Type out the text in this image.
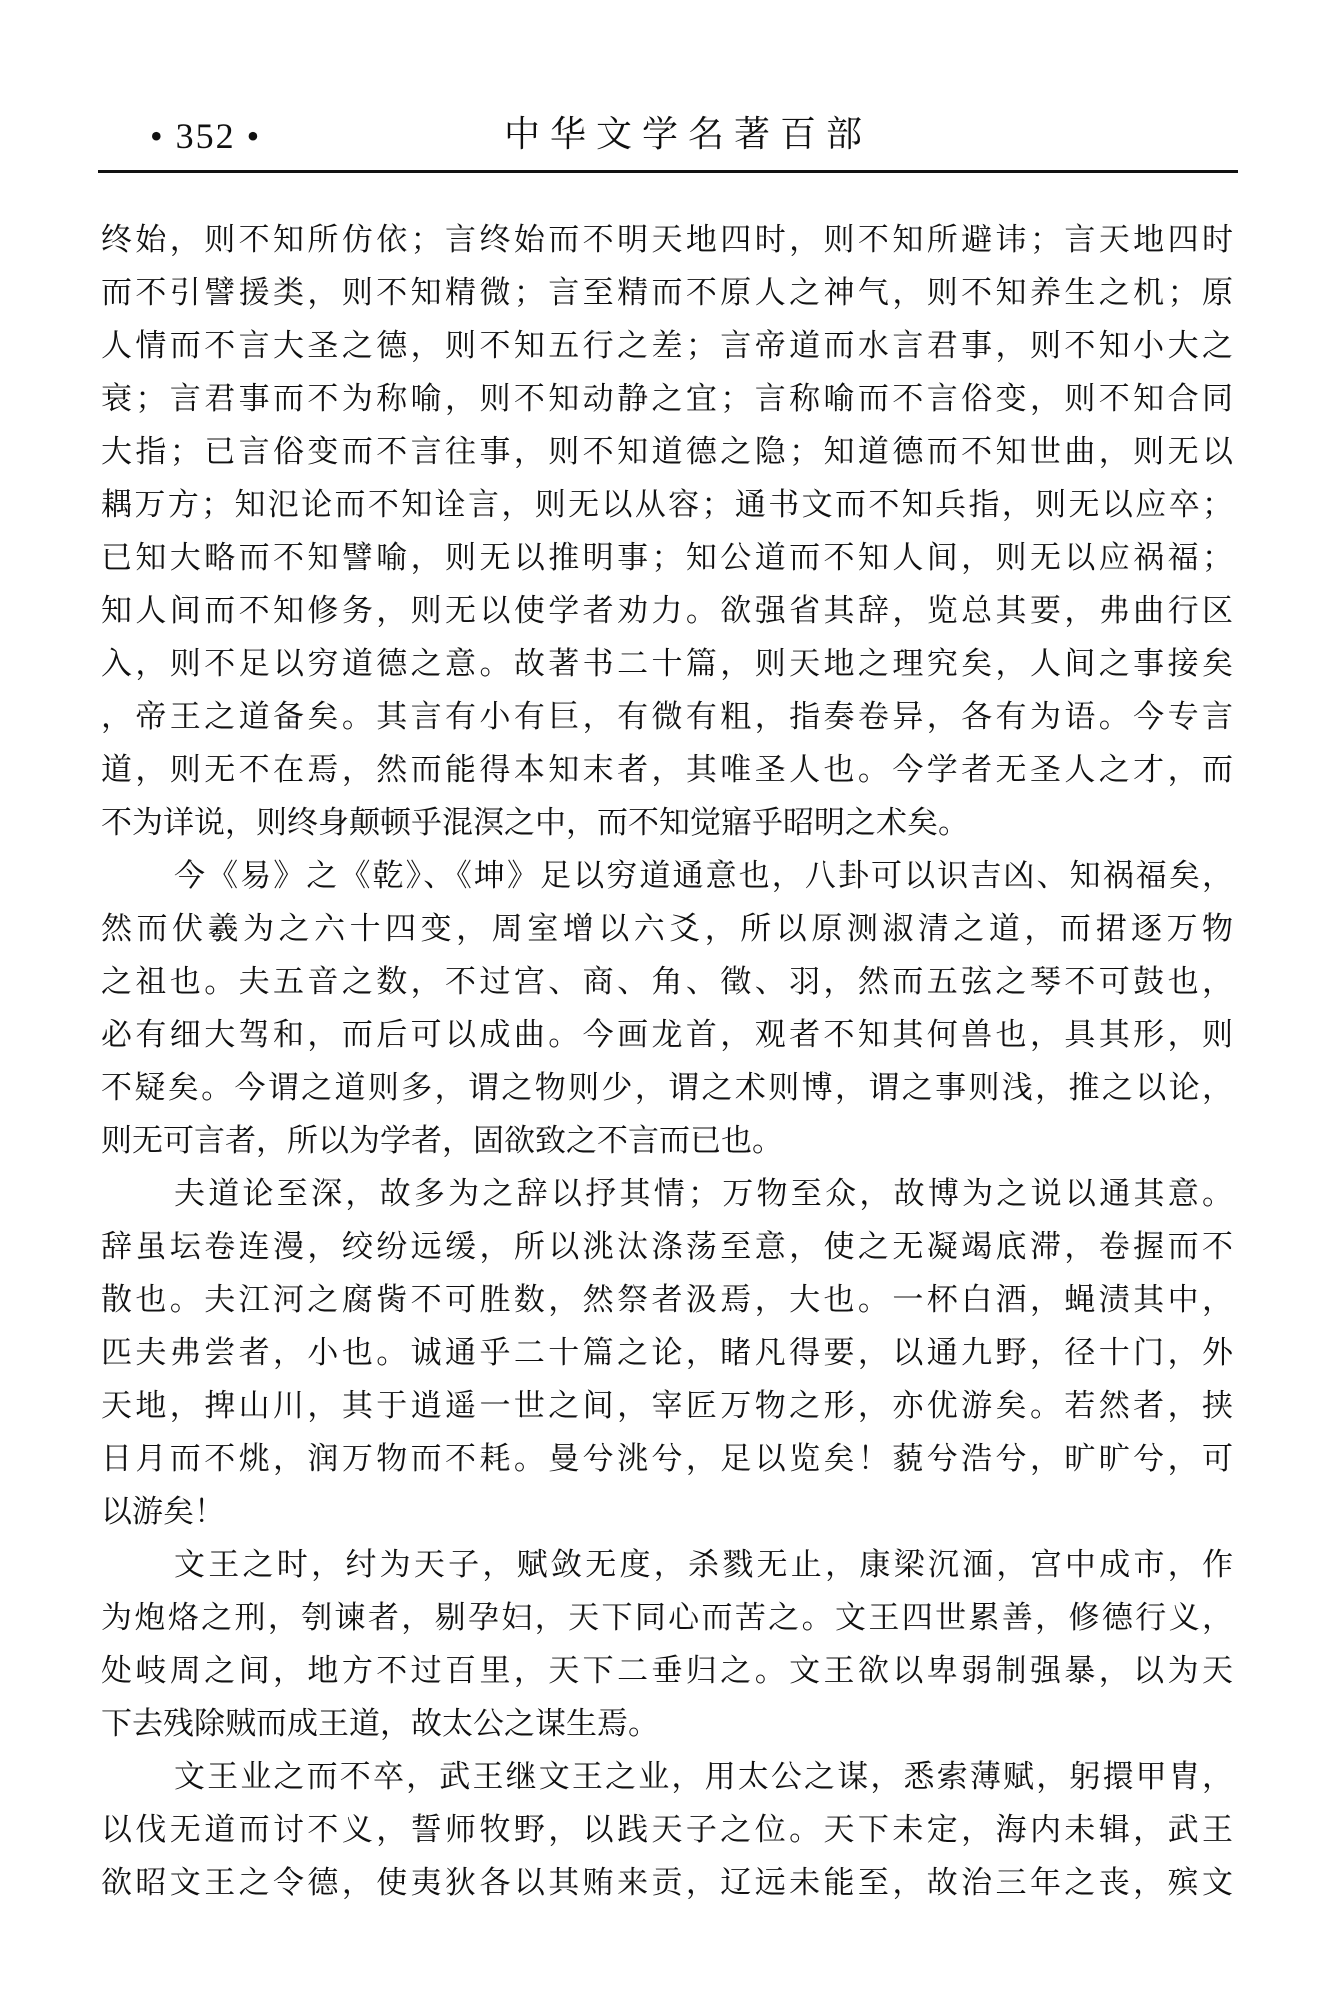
• 352 •	中华文学名著百部
终始，则不知所仿依；言终始而不明天地四时，则不知所避讳；言天地四时
而不引譬援类，则不知精微；言至精而不原人之神气，则不知养生之机；原
人情而不言大圣之德，则不知五行之差；言帝道而水言君事，则不知小大之
衰；言君事而不为称喻，则不知动静之宜；言称喻而不言俗变，则不知合同
大指；已言俗变而不言往事，则不知道德之隐；知道德而不知世曲，则无以
耦万方；知氾论而不知诠言，则无以从容；通书文而不知兵指，则无以应卒；
已知大略而不知譬喻，则无以推明事；知公道而不知人间，则无以应祸福；
知人间而不知修务，则无以使学者劝力。欲强省其辞，览总其要，弗曲行区
入，则不足以穷道德之意。故著书二十篇，则天地之理究矣，人间之事接矣
，帝王之道备矣。其言有小有巨，有微有粗，指奏卷异，各有为语。今专言
道，则无不在焉，然而能得本知末者，其唯圣人也。今学者无圣人之才，而
不为详说，则终身颠顿乎混溟之中，而不知觉寤乎昭明之术矣。
今《易》之《乾》、《坤》足以穷道通意也，八卦可以识吉凶、知祸福矣，
然而伏羲为之六十四变，周室增以六爻，所以原测淑清之道，而捃逐万物
之祖也。夫五音之数，不过宫、商、角、徵、羽，然而五弦之琴不可鼓也，
必有细大驾和，而后可以成曲。今画龙首，观者不知其何兽也，具其形，则
不疑矣。今谓之道则多，谓之物则少，谓之术则博，谓之事则浅，推之以论，
则无可言者，所以为学者，固欲致之不言而已也。
夫道论至深，故多为之辞以抒其情；万物至众，故博为之说以通其意。
辞虽坛卷连漫，绞纷远缓，所以洮汰涤荡至意，使之无凝竭底滞，卷握而不
散也。夫江河之腐胔不可胜数，然祭者汲焉，大也。一杯白酒，蝇渍其中，
匹夫弗尝者，小也。诚通乎二十篇之论，睹凡得要，以通九野，径十门，外
天地，捭山川，其于逍遥一世之间，宰匠万物之形，亦优游矣。若然者，挟
日月而不烑，润万物而不耗。曼兮洮兮，足以览矣！藐兮浩兮，旷旷兮，可
以游矣！
文王之时，纣为天子，赋敛无度，杀戮无止，康梁沉湎，宫中成市，作
为炮烙之刑，刳谏者，剔孕妇，天下同心而苦之。文王四世累善，修德行义，
处岐周之间，地方不过百里，天下二垂归之。文王欲以卑弱制强暴，以为天
下去残除贼而成王道，故太公之谋生焉。
文王业之而不卒，武王继文王之业，用太公之谋，悉索薄赋，躬擐甲胄，
以伐无道而讨不义，誓师牧野，以践天子之位。天下未定，海内未辑，武王
欲昭文王之令德，使夷狄各以其贿来贡，辽远未能至，故治三年之丧，殡文
